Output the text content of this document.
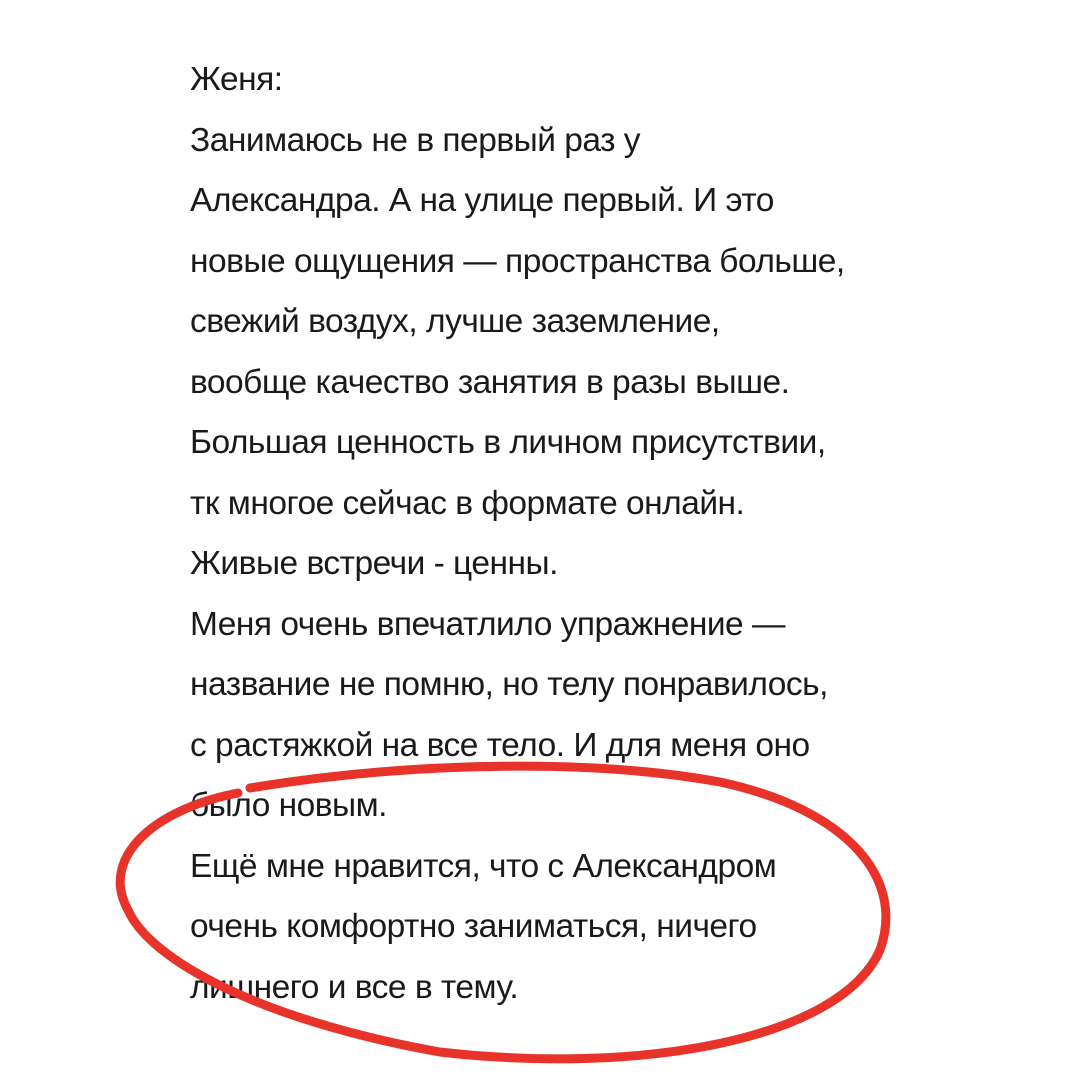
Женя:
Занимаюсь не в первый раз у
Александра. А на улице первый. И это
новые ощущения — пространства больше,
свежий воздух, лучше заземление,
вообще качество занятия в разы выше.
Большая ценность в личном присутствии,
тк многое сейчас в формате онлайн.
Живые встречи - ценны.
Меня очень впечатлило упражнение —
название не помню, но телу понравилось,
с растяжкой на все тело. И для меня оно
было новым.
Ещё мне нравится, что с Александром
очень комфортно заниматься, ничего
лишнего и все в тему.
